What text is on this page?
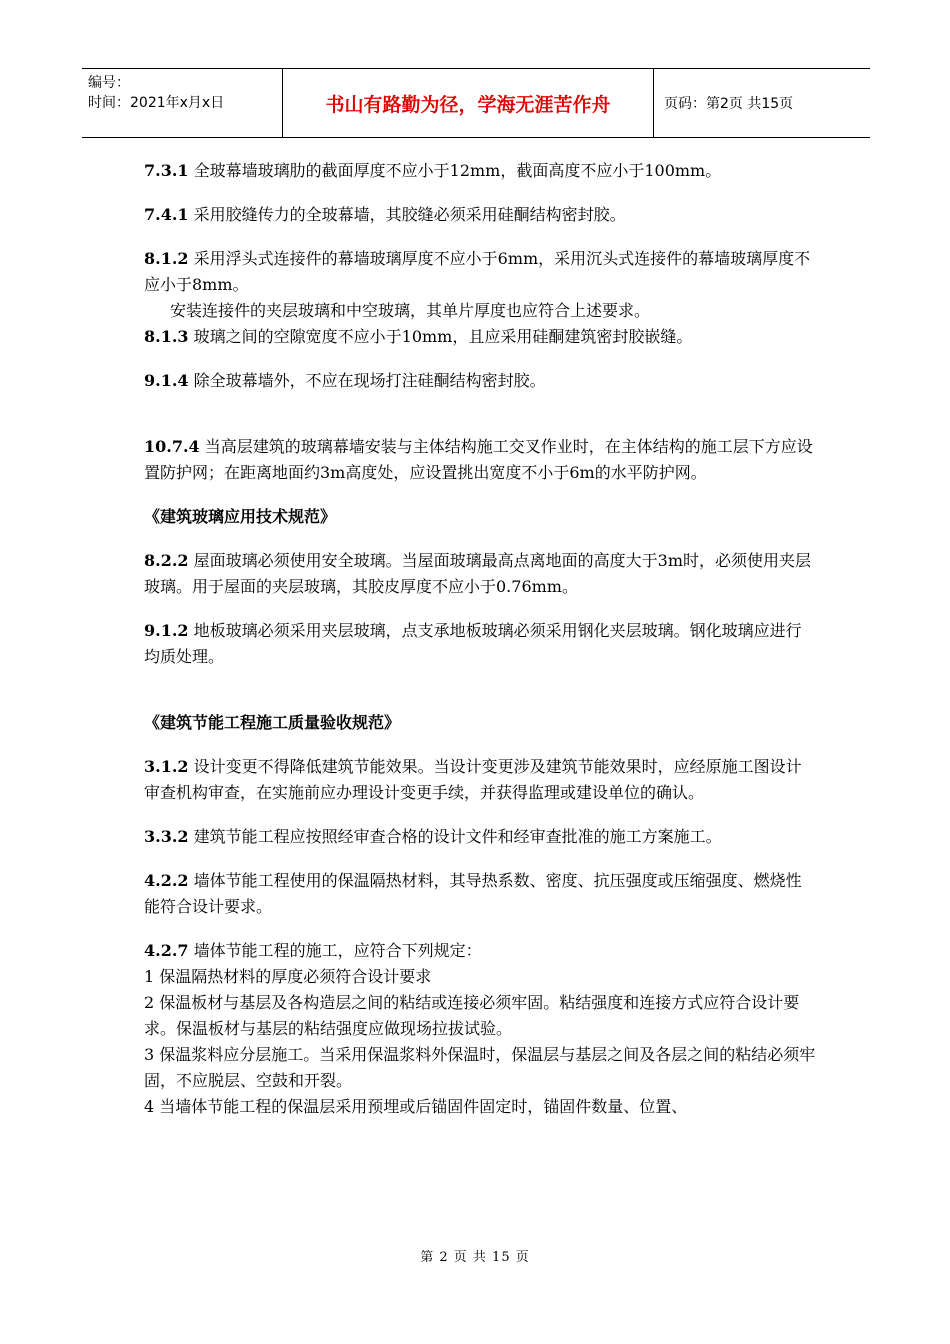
编号：
时间：2021年x月x日	书山有路勤为径，学海无涯苦作舟	页码：第2页 共15页

7.3.1 全玻幕墙玻璃肋的截面厚度不应小于12mm，截面高度不应小于100mm。

7.4.1 采用胶缝传力的全玻幕墙，其胶缝必须采用硅酮结构密封胶。

8.1.2 采用浮头式连接件的幕墙玻璃厚度不应小于6mm，采用沉头式连接件的幕墙玻璃厚度不应小于8mm。

安装连接件的夹层玻璃和中空玻璃，其单片厚度也应符合上述要求。

8.1.3 玻璃之间的空隙宽度不应小于10mm，且应采用硅酮建筑密封胶嵌缝。

9.1.4 除全玻幕墙外，不应在现场打注硅酮结构密封胶。

10.7.4 当高层建筑的玻璃幕墙安装与主体结构施工交叉作业时，在主体结构的施工层下方应设置防护网；在距离地面约3m高度处，应设置挑出宽度不小于6m的水平防护网。

《建筑玻璃应用技术规范》

8.2.2 屋面玻璃必须使用安全玻璃。当屋面玻璃最高点离地面的高度大于3m时，必须使用夹层玻璃。用于屋面的夹层玻璃，其胶皮厚度不应小于0.76mm。

9.1.2 地板玻璃必须采用夹层玻璃，点支承地板玻璃必须采用钢化夹层玻璃。钢化玻璃应进行均质处理。

《建筑节能工程施工质量验收规范》

3.1.2 设计变更不得降低建筑节能效果。当设计变更涉及建筑节能效果时，应经原施工图设计审查机构审查，在实施前应办理设计变更手续，并获得监理或建设单位的确认。

3.3.2 建筑节能工程应按照经审查合格的设计文件和经审查批准的施工方案施工。

4.2.2 墙体节能工程使用的保温隔热材料，其导热系数、密度、抗压强度或压缩强度、燃烧性能符合设计要求。

4.2.7 墙体节能工程的施工，应符合下列规定：

1 保温隔热材料的厚度必须符合设计要求

2 保温板材与基层及各构造层之间的粘结或连接必须牢固。粘结强度和连接方式应符合设计要求。保温板材与基层的粘结强度应做现场拉拔试验。

3 保温浆料应分层施工。当采用保温浆料外保温时，保温层与基层之间及各层之间的粘结必须牢固，不应脱层、空鼓和开裂。

4 当墙体节能工程的保温层采用预埋或后锚固件固定时，锚固件数量、位置、

第 2 页 共 15 页
